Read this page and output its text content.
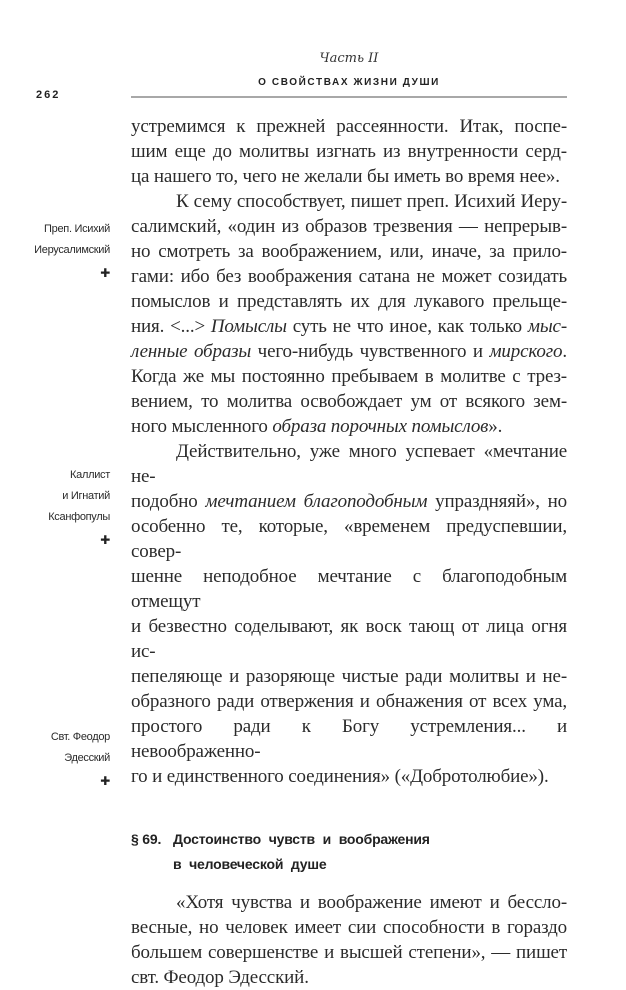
Часть II
О СВОЙСТВАХ ЖИЗНИ ДУШИ
262
Преп. Исихий
Иерусалимский
✚
Каллист
и Игнатий
Ксанфопулы
✚
Свт. Феодор
Эдесский
✚
устремимся к прежней рассеянности. Итак, поспе-
шим еще до молитвы изгнать из внутренности серд-
ца нашего то, чего не желали бы иметь во время нее».
К сему способствует, пишет преп. Исихий Иеру-
салимский, «один из образов трезвения — непрерыв-
но смотреть за воображением, или, иначе, за прило-
гами: ибо без воображения сатана не может созидать
помыслов и представлять их для лукавого прельще-
ния. <...> Помыслы суть не что иное, как только мыс-
ленные образы чего-нибудь чувственного и мирского.
Когда же мы постоянно пребываем в молитве с трез-
вением, то молитва освобождает ум от всякого зем-
ного мысленного образа порочных помыслов».
Действительно, уже много успевает «мечтание не-
подобно мечтанием благоподобным упраздняяй», но
особенно те, которые, «временем предуспевшии, совер-
шенне неподобное мечтание с благоподобным отмещут
и безвестно соделывают, як воск тающ от лица огня ис-
пепеляюще и разоряюще чистые ради молитвы и не-
образного ради отвержения и обнажения от всех ума,
простого ради к Богу устремления... и невоображенно-
го и единственного соединения» («Добротолюбие»).
§ 69. Достоинство чувств и воображения
в человеческой душе
«Хотя чувства и воображение имеют и бессло-
весные, но человек имеет сии способности в гораздо
большем совершенстве и высшей степени», — пишет
свт. Феодор Эдесский.
